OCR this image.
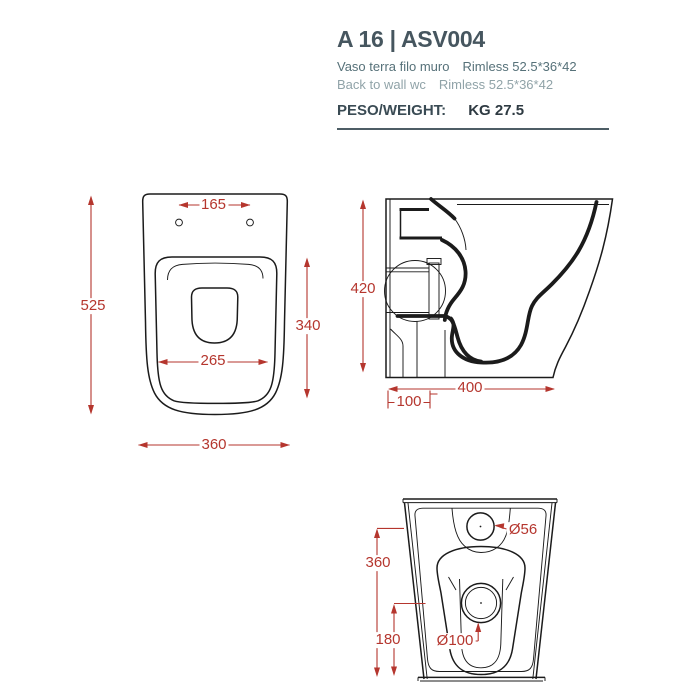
A 16 | ASV004
Vaso terra filo muro Rimless 52.5*36*42
Back to wall wc Rimless 52.5*36*42
PESO/WEIGHT: KG 27.5
165
525
340
265
360
420
400
100
Ø56
360
180 Ø100
